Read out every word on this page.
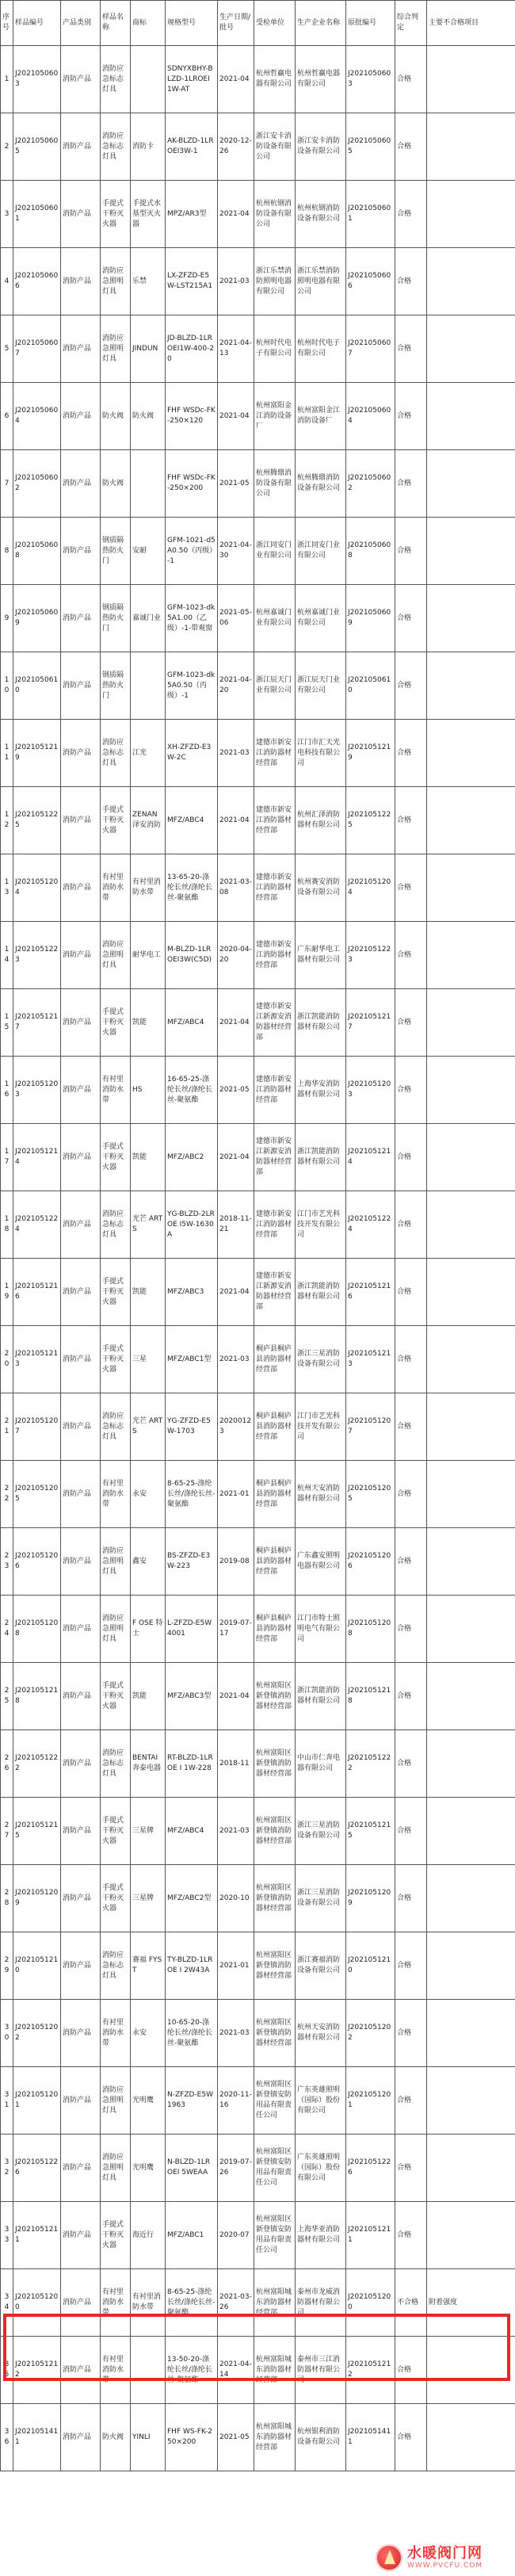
序号	样品编号	产品类别	样品名称	商标	规格型号	生产日期/批号	受检单位	生产企业名称	原批编号	综合判定	主要不合格项目
1	J2021050603	消防产品	消防应急标志灯具		SDNYXBHY-BLZD-1LROEI 1W-AT	2021-04	杭州哲赢电器有限公司	杭州哲赢电器有限公司	J2021050603	合格	
2	J2021050605	消防产品	消防应急标志灯具	消防卡	AK-BLZD-1LROEI3W-1	2020-12-26	浙江安卡消防设备有限公司	浙江安卡消防设备有限公司	J2021050605	合格	
3	J2021050601	消防产品	手提式干粉灭火器	手提式水基型灭火器	MPZ/AR3型	2021-04	杭州杭钢消防设备有限公司	杭州杭钢消防设备有限公司	J2021050601	合格	
4	J2021050606	消防产品	消防应急照明灯具	乐禁	LX-ZFZD-E5W-LST215A1	2021-03	浙江乐禁消防照明电器有限公司	浙江乐禁消防照明电器有限公司	J2021050606	合格	
5	J2021050607	消防产品	消防应急照明灯具	JINDUN	JD-BLZD-1LROEI1W-400-20	2021-04-13	杭州时代电子有限公司	杭州时代电子有限公司	J2021050607	合格	
6	J2021050604	消防产品	防火阀	防火阀	FHF WSDc-FK-250×120	2021-04	杭州富阳金江消防设备厂	杭州富阳金江消防设备厂	J2021050604	合格	
7	J2021050602	消防产品	防火阀		FHF WSDc-FK-250×200	2021-05	杭州腾鼎消防设备有限公司	杭州腾鼎消防设备有限公司	J2021050602	合格	
8	J2021050608	消防产品	钢质隔热防火门	安耐	GFM-1021-d5A0.50（丙级）-1	2021-04-30	浙江同安门业有限公司	浙江同安门业有限公司	J2021050608	合格	
9	J2021050609	消防产品	钢质隔热防火门	嘉诚门业	GFM-1023-dk5A1.00（乙级）-1-带观窗	2021-05-06	杭州嘉诚门业有限公司	杭州嘉诚门业有限公司	J2021050609	合格	
10	J2021050610	消防产品	钢质隔热防火门		GFM-1023-dk5A0.50（丙级）-1	2021-04-20	浙江辰天门业有限公司	浙江辰天门业有限公司	J2021050610	合格	
11	J2021051219	消防产品	消防应急标志灯具	江光	XH-ZFZD-E3W-2C	2021-03	建德市新安江消防器材经营部	江门市汇天光电科技有限公司	J2021051219	合格	
12	J2021051225	消防产品	手提式干粉灭火器	ZENAN 泽安消防	MFZ/ABC4	2021-04	建德市新安江消防器材经营部	杭州汇泽消防器材有限公司	J2021051225	合格	
13	J2021051204	消防产品	有衬里消防水带	有衬里消防水带	13-65-20-涤纶长丝/涤纶长丝-聚氨酯	2021-03-08	建德市新安江消防器材经营部	杭州赛安消防设备有限公司	J2021051204	合格	
14	J2021051223	消防产品	消防应急照明灯具	耐华电工	M-BLZD-1LROEI3W(C5D)	2020-04-20	建德市新安江消防器材经营部	广东耐华电工器材有限公司	J2021051223	合格	
15	J2021051217	消防产品	手提式干粉灭火器	凯能	MFZ/ABC4	2021-04	建德市新安江新源安消防器材经营部	浙江凯能消防器材有限公司	J2021051217	合格	
16	J2021051203	消防产品	有衬里消防水带	HS	16-65-25-涤纶长丝/涤纶长丝-聚氨酯	2021-05	建德市新安江消防器材经营部	上海华安消防器材有限公司	J2021051203	合格	
17	J2021051214	消防产品	手提式干粉灭火器	凯能	MFZ/ABC2	2021-04	建德市新安江新源安消防器材经营部	浙江凯能消防器材有限公司	J2021051214	合格	
18	J2021051224	消防产品	消防应急标志灯具	光芒 ARTS	YG-BLZD-2LROE I5W-1630A	2018-11-21	建德市新安江消防器材经营部	江门市艺光科技开发有限公司	J2021051224	合格	
19	J2021051216	消防产品	手提式干粉灭火器	凯能	MFZ/ABC3	2021-04	建德市新安江新源安消防器材经营部	浙江凯能消防器材有限公司	J2021051216	合格	
20	J2021051213	消防产品	手提式干粉灭火器	三星	MFZ/ABC1型	2021-03	桐庐县桐庐县消防器材经营部	浙江三星消防设备有限公司	J2021051213	合格	
21	J2021051207	消防产品	消防应急标志灯具	光芒 ARTS	YG-ZFZD-E5W-1703	20200123	桐庐县桐庐县消防器材经营部	江门市艺光科技开发有限公司	J2021051207	合格	
22	J2021051205	消防产品	有衬里消防水带	永安	8-65-25-涤纶长丝/涤纶长丝-聚氨酯	2021-01	桐庐县桐庐县消防器材经营部	杭州天安消防器材有限公司	J2021051205	合格	
23	J2021051206	消防产品	消防应急照明灯具	鑫安	BS-ZFZD-E3W-223	2019-08	桐庐县桐庐县消防器材经营部	广东鑫安照明电器有限公司	J2021051206	合格	
24	J2021051208	消防产品	消防应急照明灯具	F OSE 特士	L-ZFZD-E5W4001	2019-07-17	桐庐县桐庐县消防器材经营部	江门市特士照明电气有限公司	J2021051208	合格	
25	J2021051218	消防产品	手提式干粉灭火器	凯能	MFZ/ABC3型	2021-04	杭州富阳区新登镇消防器材经营部	浙江凯能消防器材有限公司	J2021051218	合格	
26	J2021051222	消防产品	消防应急标志灯具	BENTAI 奔泰电器	RT-BLZD-1LROE I 1W-228	2018-11	杭州富阳区新登镇消防器材经营部	中山市仁奔电器有限公司	J2021051222	合格	
27	J2021051215	消防产品	手提式干粉灭火器	三星牌	MFZ/ABC4	2021-03	杭州富阳区新登镇消防器材经营部	浙江三星消防设备有限公司	J2021051215	合格	
28	J2021051209	消防产品	手提式干粉灭火器	三星牌	MFZ/ABC2型	2020-10	杭州富阳区新登镇消防器材经营部	浙江三星消防设备有限公司	J2021051209	合格	
29	J2021051210	消防产品	消防应急标志灯具	赛福 FYST	TY-BLZD-1LROE I 2W43A	2021-01	杭州富阳区新登镇消防器材经营部	浙江赛福消防设备有限公司	J2021051210	合格	
30	J2021051202	消防产品	有衬里消防水带	永安	10-65-20-涤纶长丝/涤纶长丝-聚氨酯	2021-03	杭州富阳区新登镇消防器材经营部	杭州天安消防器材有限公司	J2021051202	合格	
31	J2021051201	消防产品	消防应急照明灯具	光明鹰	N-ZFZD-E5W1963	2020-11-16	杭州富阳区新登镇安防用品有限责任公司	广东英雄照明（国际）股份有限公司	J2021051201	合格	
32	J2021051226	消防产品	消防应急照明灯具	光明鹰	N-BLZD-1LROEI 5WEAA	2019-07-26	杭州富阳区新登镇安防用品有限责任公司	广东英雄照明（国际）股份有限公司	J2021051226	合格	
33	J2021051211	消防产品	手提式干粉灭火器	海近行	MFZ/ABC1	2020-07	杭州富阳区新登镇安防用品有限责任公司	上海华亚消防器材有限公司	J2021051211	合格	
34	J2021051200	消防产品	有衬里消防水带	有衬里消防水带	8-65-25-涤纶长丝/涤纶长丝-聚氨酯	2021-03-26	杭州富阳城东消防器材经营部	泰州市龙威消防器材有限公司	J2021051200	不合格	附着强度
35	J2021051212	消防产品	有衬里消防水带		13-50-20-涤纶长丝/涤纶长丝-聚氨酯	2021-04-14	杭州富阳城东消防器材经营部	泰州市三江消防器材有限公司	J2021051212	合格	
36	J2021051411	消防产品	防火阀	YINLI	FHF WS-FK-250×200	2021-05	杭州富阳城东消防器材经营部	杭州银利消防设备有限公司	J2021051411	合格	
水暖阀门网
WWW.PVCFU.COM
